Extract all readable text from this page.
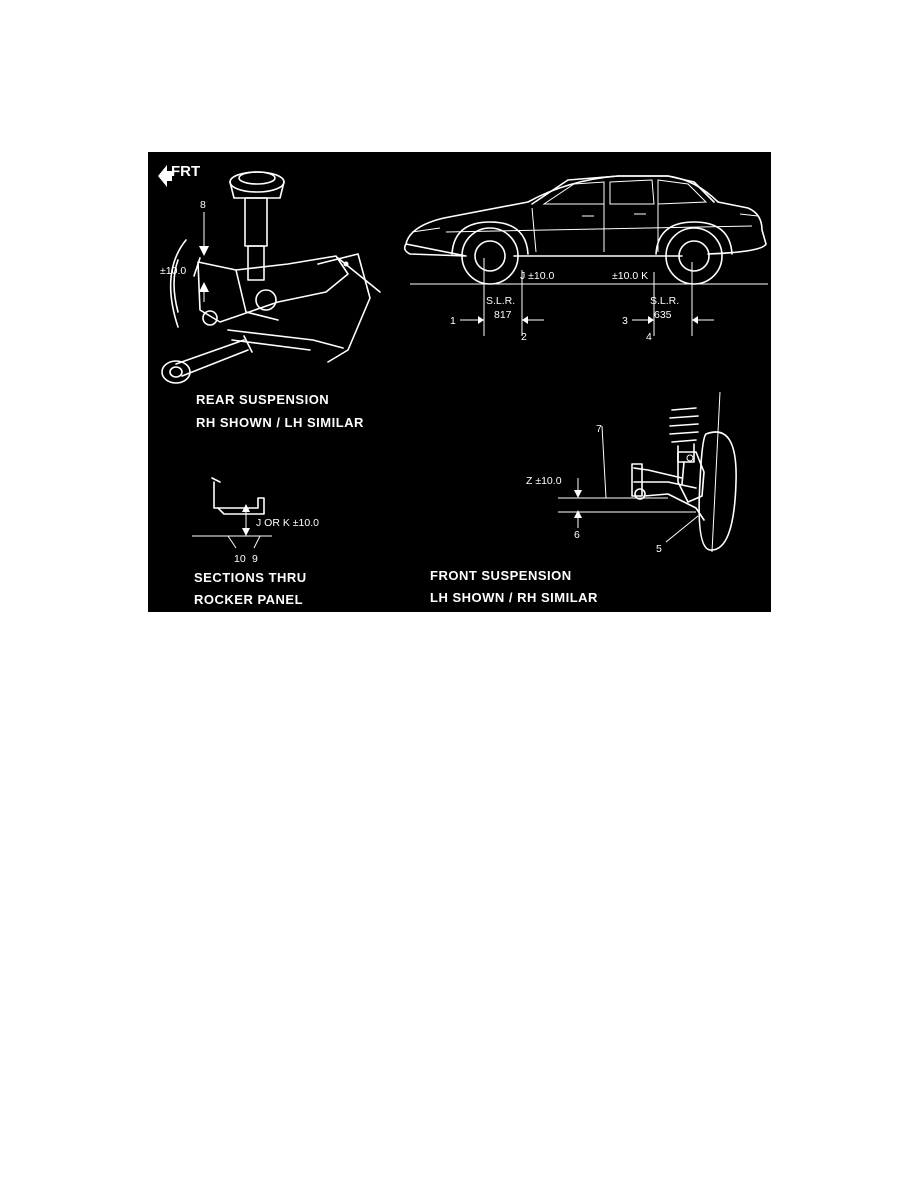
FRT
8
±10.0
REAR SUSPENSION
RH SHOWN / LH SIMILAR
J ±10.0	±10.0 K
S.L.R.
817
S.L.R.
635
1
2
3
4
J OR K ±10.0
10 9
SECTIONS THRU
ROCKER PANEL
7
Z ±10.0
6
5
FRONT SUSPENSION
LH SHOWN / RH SIMILAR
